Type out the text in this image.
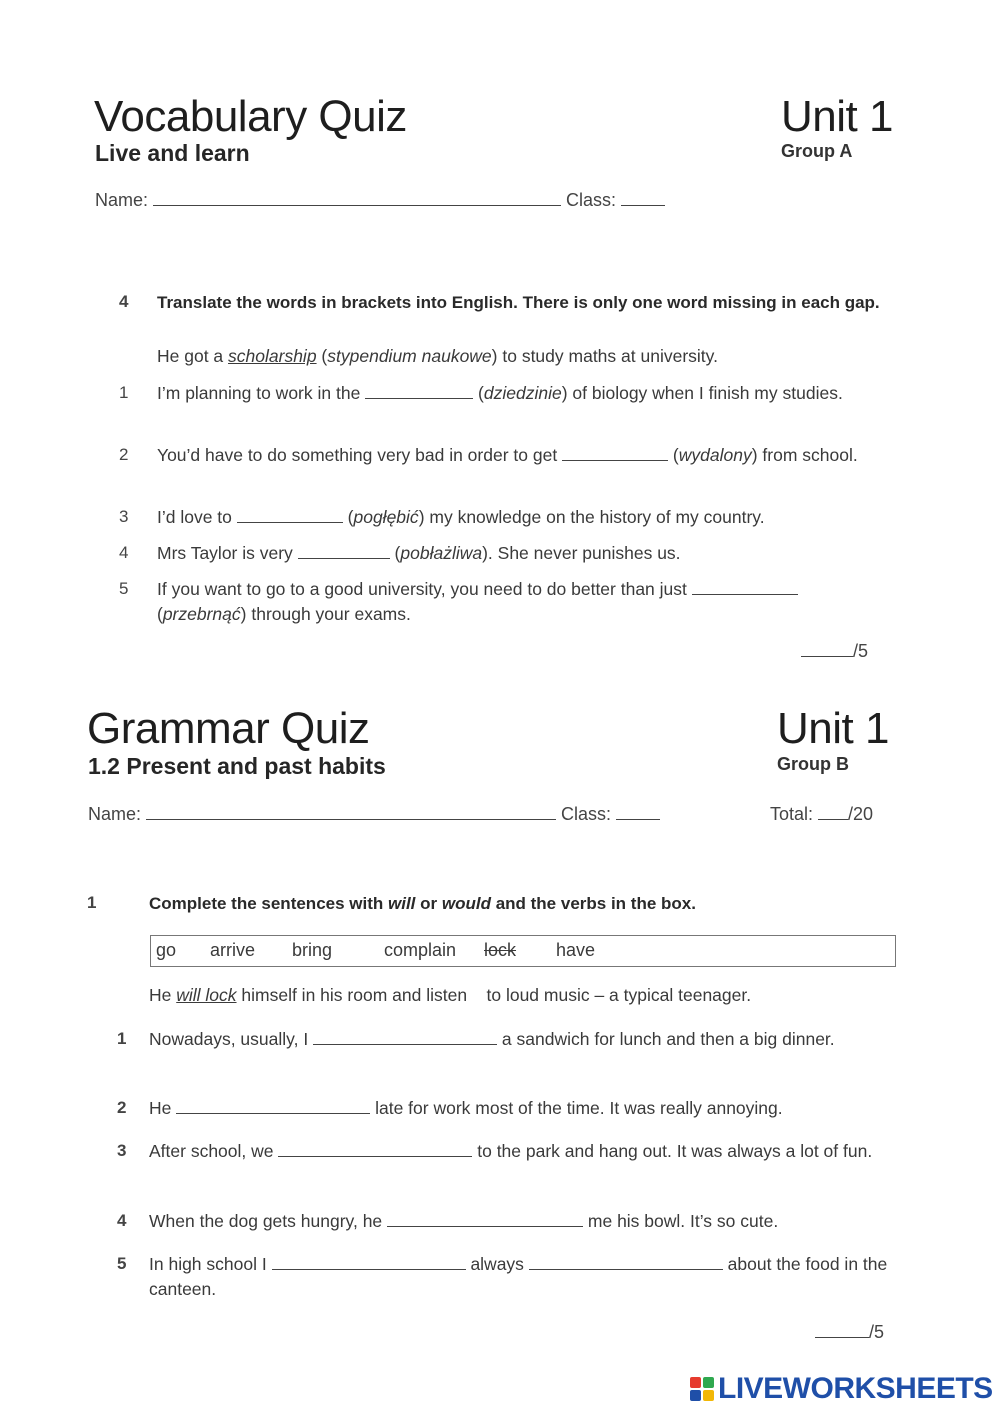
Vocabulary Quiz
Live and learn
Unit 1
Group A
Name:	Class:
4 Translate the words in brackets into English. There is only one word missing in each gap.
He got a scholarship (stypendium naukowe) to study maths at university.
1 I’m planning to work in the	(dziedzinie) of biology when I finish my studies.
2 You’d have to do something very bad in order to get	(wydalony) from school.
3 I’d love to	(pogłębić) my knowledge on the history of my country.
4 Mrs Taylor is very	(pobłażliwa). She never punishes us.
5 If you want to go to a good university, you need to do better than just  (przebrnąć) through your exams.
/5
Grammar Quiz
1.2 Present and past habits
Unit 1
Group B
Name:	Class:	Total: /20
1	Complete the sentences with will or would and the verbs in the box.
go arrive bring	complain lock have
He will lock himself in his room and listen    to loud music – a typical teenager.
1 Nowadays, usually, I	a sandwich for lunch and then a big dinner.
2 He	late for work most of the time. It was really annoying.
3 After school, we	to the park and hang out. It was always a lot of fun.
4 When the dog gets hungry, he	me his bowl. It’s so cute.
5 In high school I	always	about the food in the canteen.
/5
LIVEWORKSHEETS
